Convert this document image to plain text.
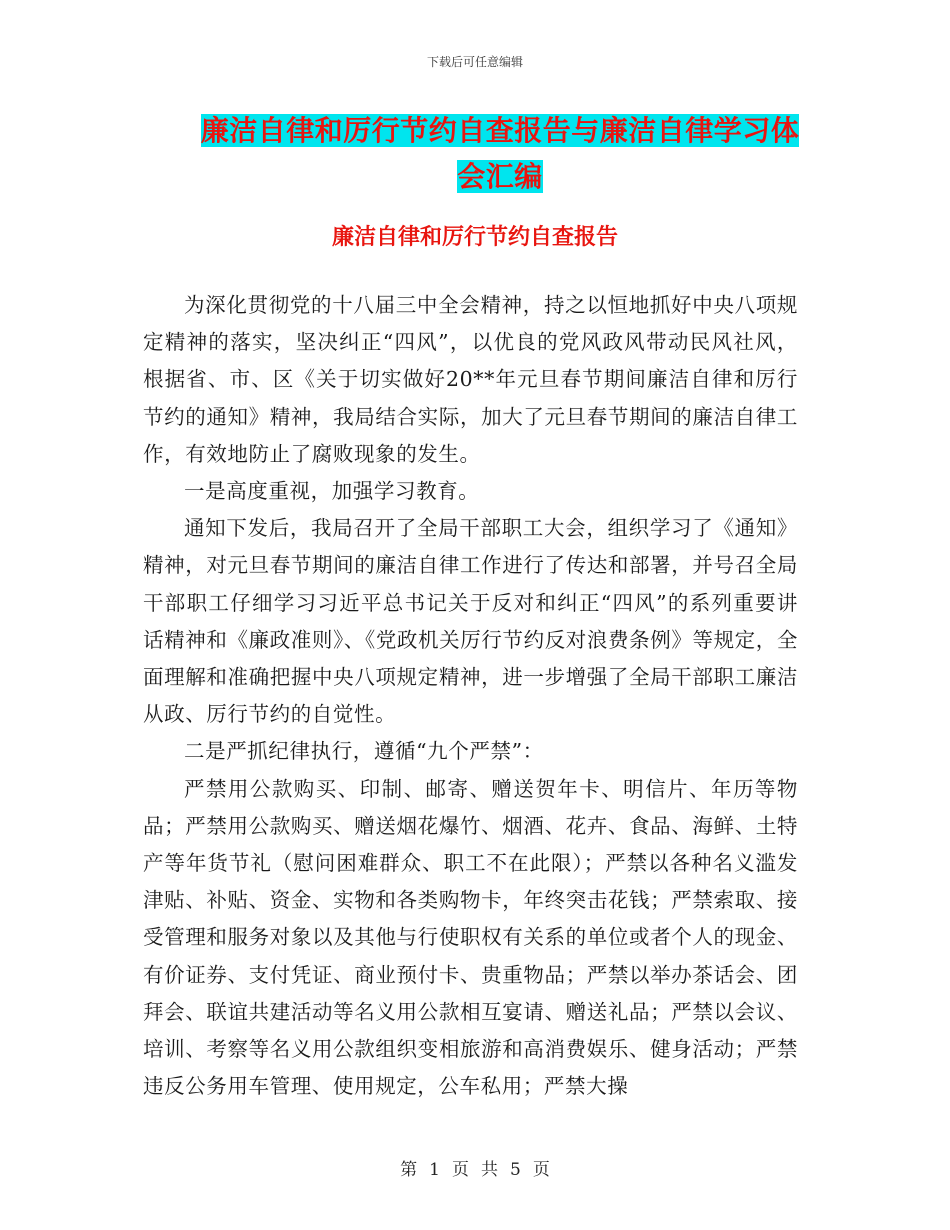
下载后可任意编辑
廉洁自律和厉行节约自查报告与廉洁自律学习体会汇编
廉洁自律和厉行节约自查报告

为深化贯彻党的十八届三中全会精神，持之以恒地抓好中央八项规定精神的落实，坚决纠正“四风”，以优良的党风政风带动民风社风，根据省、市、区《关于切实做好20**年元旦春节期间廉洁自律和厉行节约的通知》精神，我局结合实际，加大了元旦春节期间的廉洁自律工作，有效地防止了腐败现象的发生。

一是高度重视，加强学习教育。

通知下发后，我局召开了全局干部职工大会，组织学习了《通知》精神，对元旦春节期间的廉洁自律工作进行了传达和部署，并号召全局干部职工仔细学习习近平总书记关于反对和纠正“四风”的系列重要讲话精神和《廉政准则》、《党政机关厉行节约反对浪费条例》等规定，全面理解和准确把握中央八项规定精神，进一步增强了全局干部职工廉洁从政、厉行节约的自觉性。

二是严抓纪律执行，遵循“九个严禁”：

严禁用公款购买、印制、邮寄、赠送贺年卡、明信片、年历等物品；严禁用公款购买、赠送烟花爆竹、烟酒、花卉、食品、海鲜、土特产等年货节礼（慰问困难群众、职工不在此限）；严禁以各种名义滥发津贴、补贴、资金、实物和各类购物卡，年终突击花钱；严禁索取、接受管理和服务对象以及其他与行使职权有关系的单位或者个人的现金、有价证券、支付凭证、商业预付卡、贵重物品；严禁以举办茶话会、团拜会、联谊共建活动等名义用公款相互宴请、赠送礼品；严禁以会议、培训、考察等名义用公款组织变相旅游和高消费娱乐、健身活动；严禁违反公务用车管理、使用规定，公车私用；严禁大操

第 1 页 共 5 页
